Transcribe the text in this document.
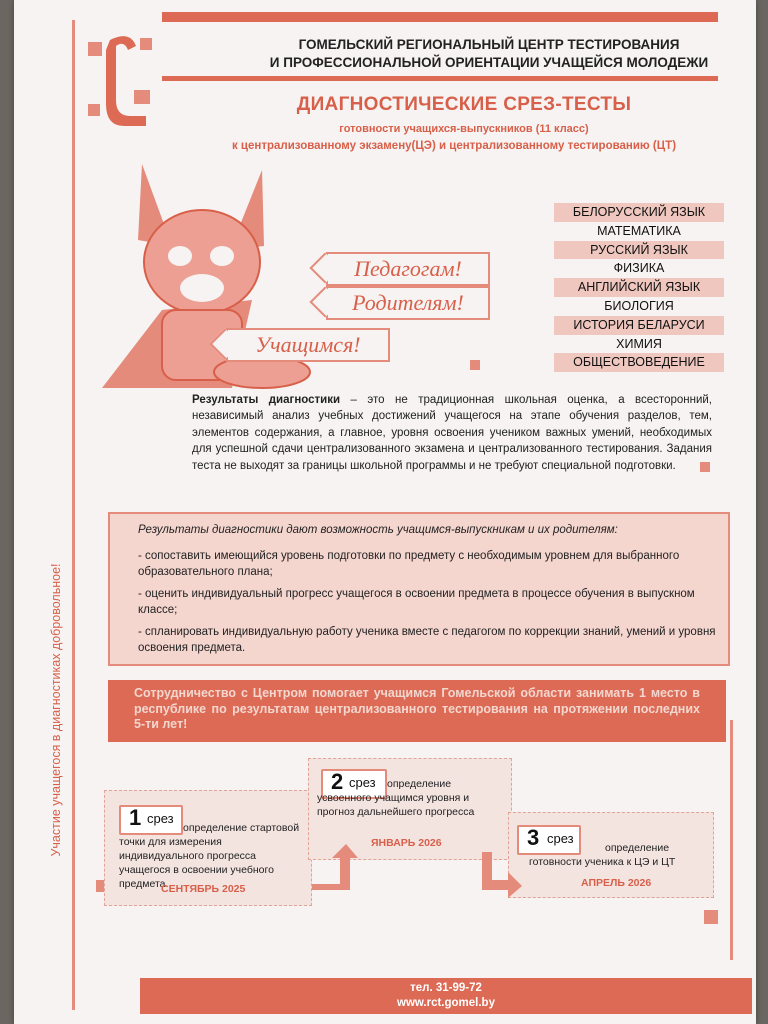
ГОМЕЛЬСКИЙ РЕГИОНАЛЬНЫЙ ЦЕНТР ТЕСТИРОВАНИЯ
И ПРОФЕССИОНАЛЬНОЙ ОРИЕНТАЦИИ УЧАЩЕЙСЯ МОЛОДЕЖИ
ДИАГНОСТИЧЕСКИЕ СРЕЗ-ТЕСТЫ
готовности учащихся-выпускников (11 класс)
к централизованному экзамену(ЦЭ) и централизованному тестированию (ЦТ)
Педагогам!
Родителям!
Учащимся!
БЕЛОРУССКИЙ ЯЗЫК
МАТЕМАТИКА
РУССКИЙ ЯЗЫК
ФИЗИКА
АНГЛИЙСКИЙ ЯЗЫК
БИОЛОГИЯ
ИСТОРИЯ БЕЛАРУСИ
ХИМИЯ
ОБЩЕСТВОВЕДЕНИЕ
Результаты диагностики – это не традиционная школьная оценка, а всесторонний, независимый анализ учебных достижений учащегося на этапе обучения разделов, тем, элементов содержания, а главное, уровня освоения учеником важных умений, необходимых для успешной сдачи централизованного экзамена и централизованного тестирования. Задания теста не выходят за границы школьной программы и не требуют специальной подготовки.
Участие учащегося в диагностиках добровольное!
Результаты диагностики дают возможность учащимся-выпускникам и их родителям:
- сопоставить имеющийся уровень подготовки по предмету с необходимым уровнем для выбранного образовательного плана;
- оценить индивидуальный прогресс учащегося в освоении предмета в процессе обучения в выпускном классе;
- спланировать индивидуальную работу ученика вместе с педагогом по коррекции знаний, умений и уровня освоения предмета.
Сотрудничество с Центром помогает учащимся Гомельской области занимать 1 место в республике по результатам централизованного тестирования на протяжении последних 5-ти лет!
1 срез
определение стартовой точки для измерения индивидуального прогресса учащегося в освоении учебного предмета
СЕНТЯБРЬ 2025
2 срез	определение усвоенного учащимся уровня и прогноз дальнейшего прогресса
ЯНВАРЬ 2026	3 срез
определение готовности ученика к ЦЭ и ЦТ
АПРЕЛЬ 2026
тел. 31-99-72
www.rct.gomel.by
